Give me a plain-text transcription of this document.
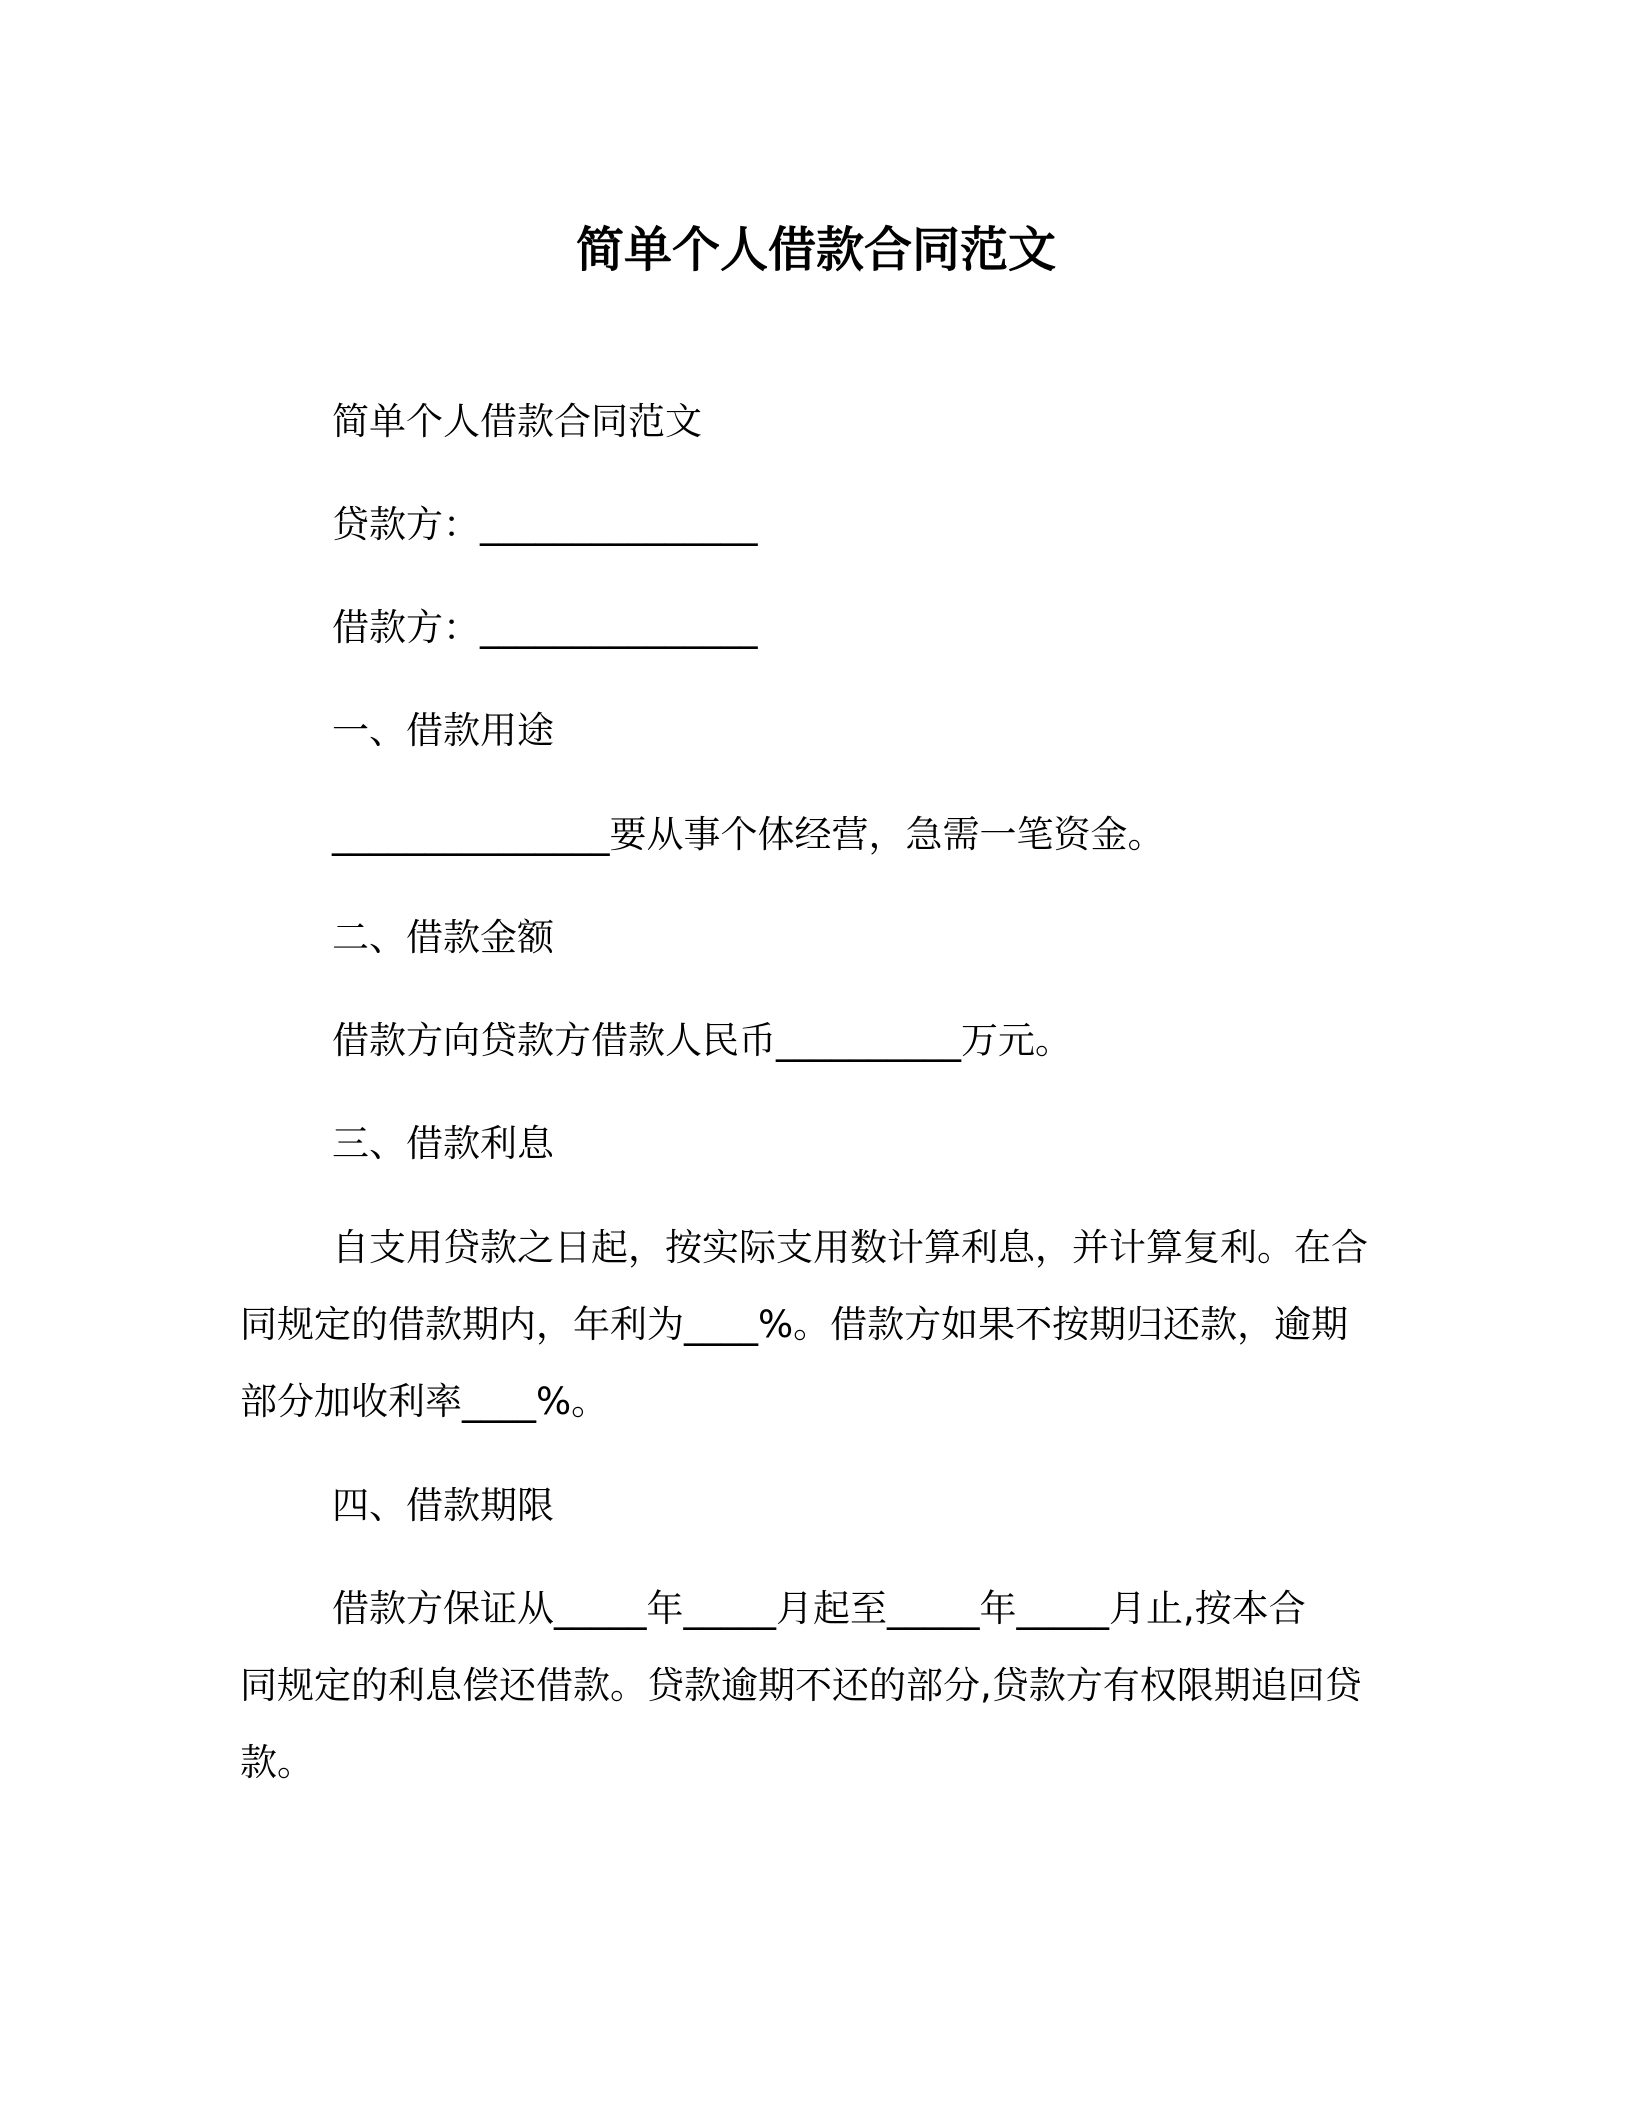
简单个人借款合同范文
简单个人借款合同范文
贷款方：_______________
借款方：_______________
一、借款用途
_______________要从事个体经营，急需一笔资金。
二、借款金额
借款方向贷款方借款人民币__________万元。
三、借款利息
自支用贷款之日起，按实际支用数计算利息，并计算复利。在合
同规定的借款期内，年利为____%。借款方如果不按期归还款，逾期
部分加收利率____%。
四、借款期限
借款方保证从_____年_____月起至_____年_____月止,按本合
同规定的利息偿还借款。贷款逾期不还的部分,贷款方有权限期追回贷
款。
